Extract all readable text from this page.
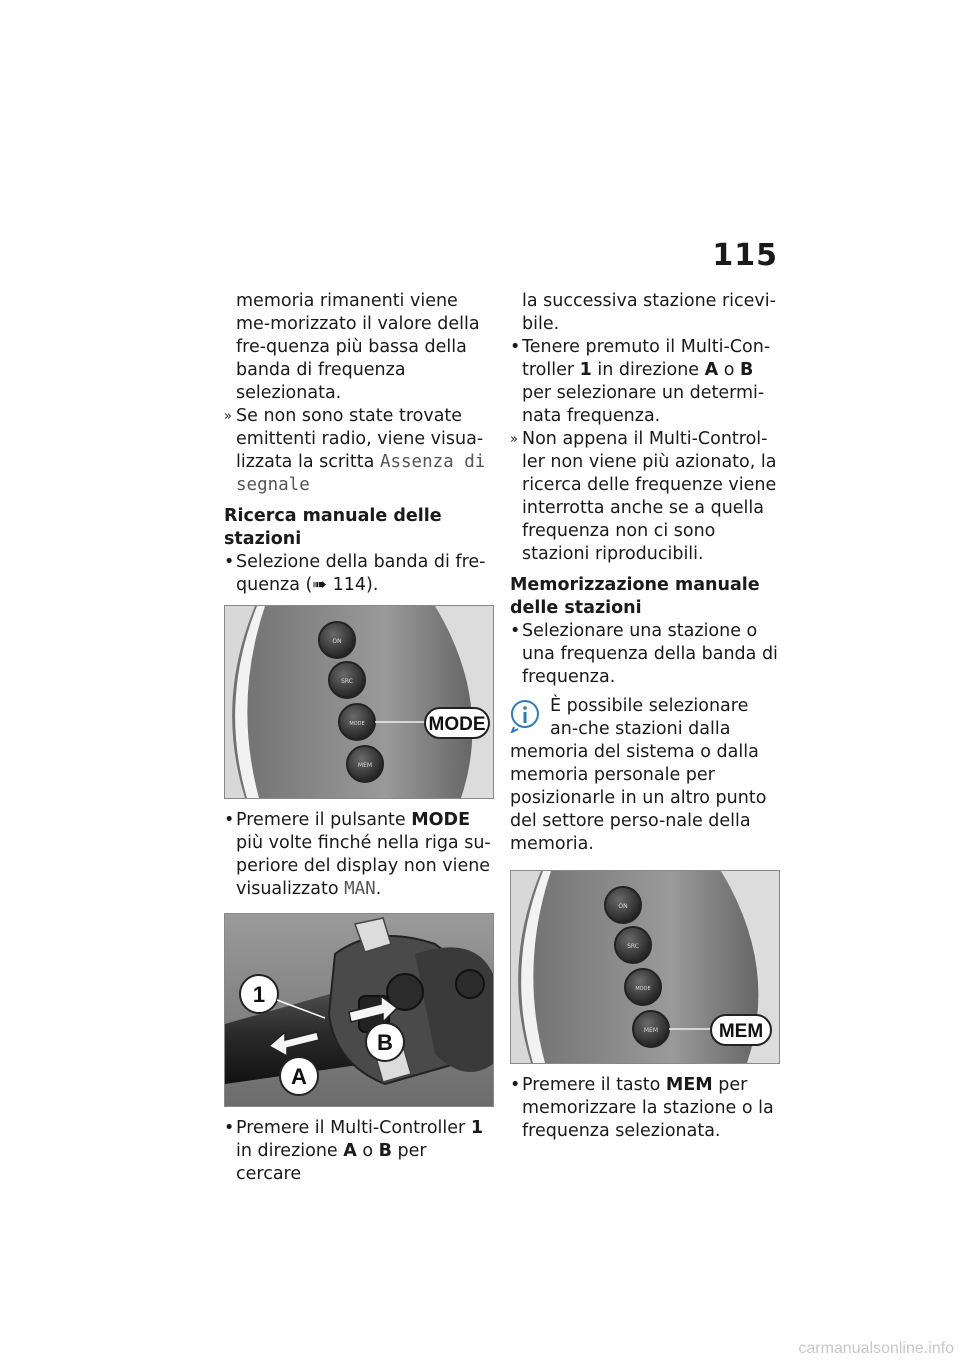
115

memoria rimanenti viene me-morizzato il valore della fre-quenza più bassa della banda di frequenza selezionata.

» Se non sono state trovate emittenti radio, viene visua-lizzata la scritta Assenza di segnale

Ricerca manuale delle stazioni

• Selezione della banda di fre-quenza (➠ 114).

ON
SRC
MODE
MEM
MODE

• Premere il pulsante MODE più volte finché nella riga su-periore del display non viene visualizzato MAN.

1
A
B

• Premere il Multi-Controller 1 in direzione A o B per cercare

la successiva stazione ricevi-bile.

• Tenere premuto il Multi-Con-troller 1 in direzione A o B per selezionare un determi-nata frequenza.

» Non appena il Multi-Control-ler non viene più azionato, la ricerca delle frequenze viene interrotta anche se a quella frequenza non ci sono stazioni riproducibili.

Memorizzazione manuale delle stazioni

• Selezionare una stazione o una frequenza della banda di frequenza.

È possibile selezionare an-che stazioni dalla memoria del sistema o dalla memoria personale per posizionarle in un altro punto del settore perso-nale della memoria.

ON
SRC
MODE
MEM	MEM

• Premere il tasto MEM per memorizzare la stazione o la frequenza selezionata.

carmanualsonline.info
